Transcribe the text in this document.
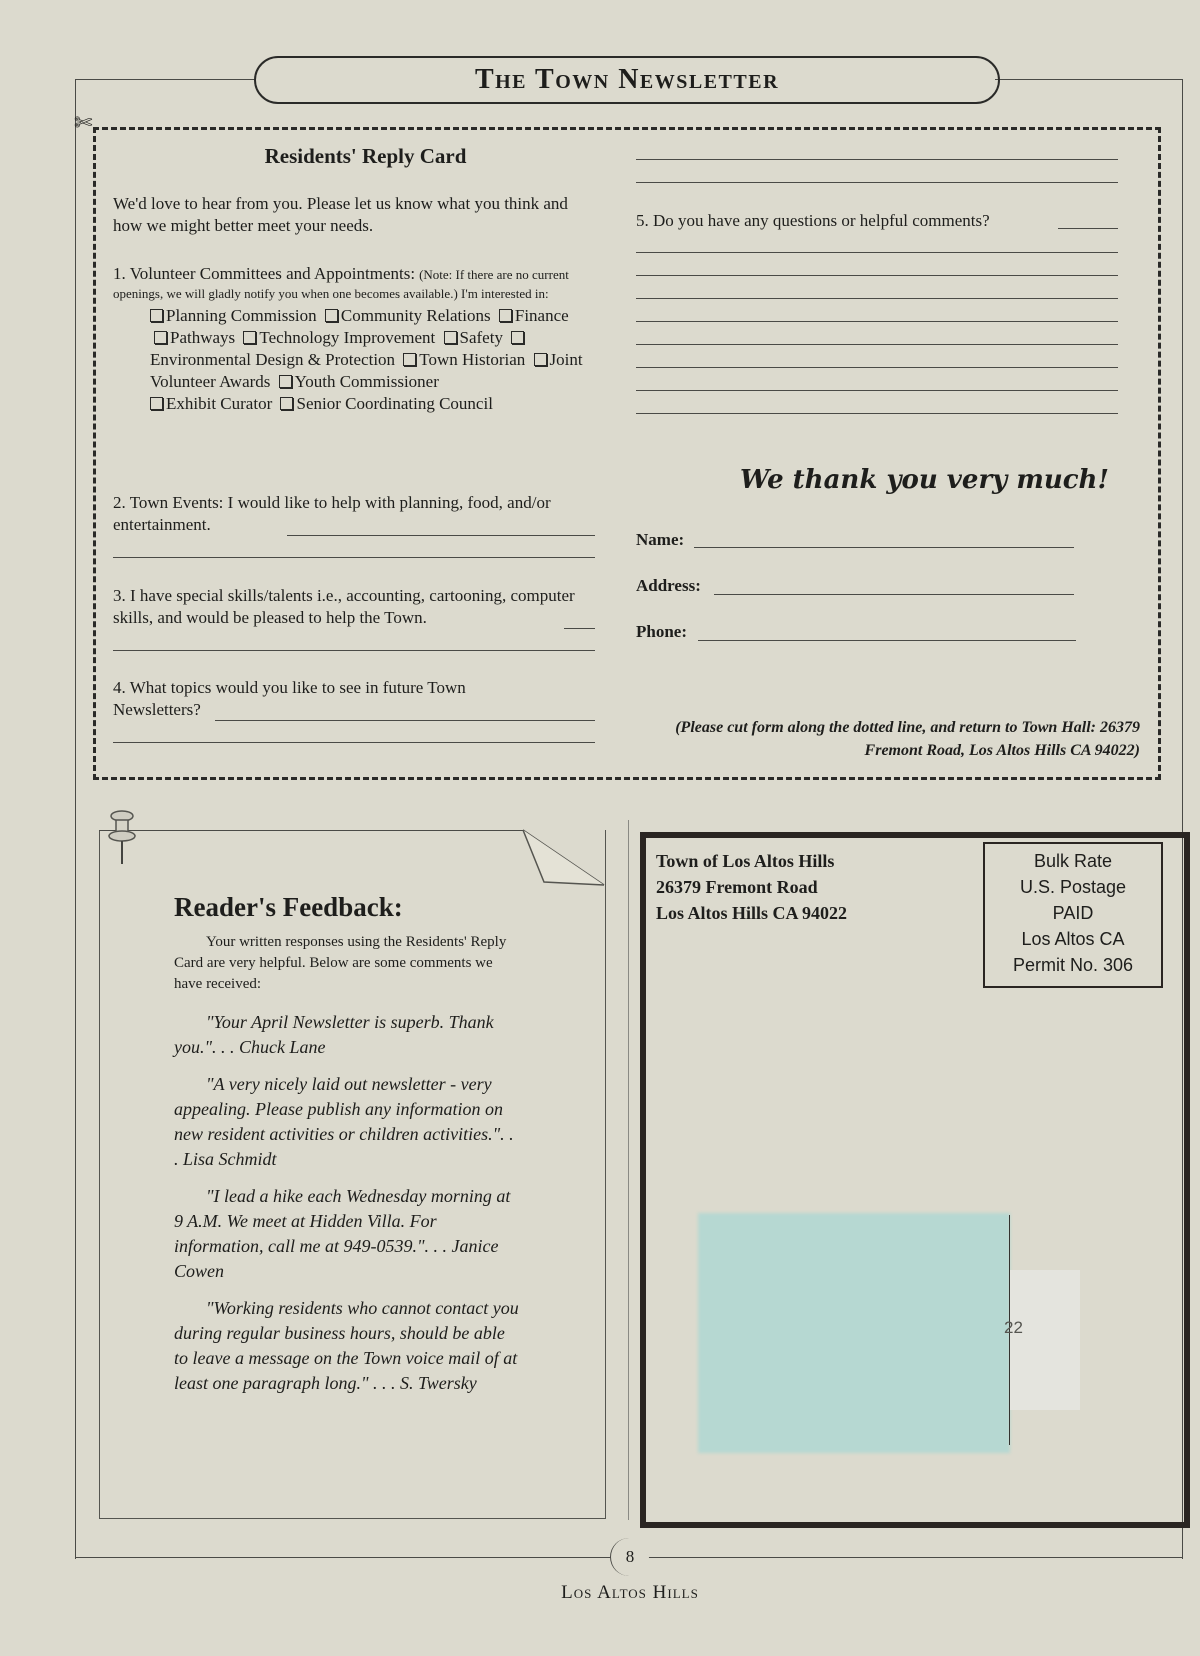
The Town Newsletter
✄
Residents' Reply Card
We'd love to hear from you. Please let us know what you think and how we might better meet your needs.
1. Volunteer Committees and Appointments: (Note: If there are no current openings, we will gladly notify you when one becomes available.) I'm interested in:
Planning Commission Community Relations Finance Pathways Technology Improvement Safety Environmental Design & Protection Town Historian Joint Volunteer Awards Youth Commissioner
Exhibit Curator Senior Coordinating Council
2. Town Events: I would like to help with planning, food, and/or entertainment.
3. I have special skills/talents i.e., accounting, cartooning, computer skills, and would be pleased to help the Town.
4. What topics would you like to see in future Town Newsletters?
5. Do you have any questions or helpful comments?
We thank you very much!
Name:
Address:
Phone:
(Please cut form along the dotted line, and return to Town Hall: 26379 Fremont Road, Los Altos Hills CA 94022)
Reader's Feedback:
Your written responses using the Residents' Reply Card are very helpful. Below are some comments we have received:

"Your April Newsletter is superb. Thank you.". . . Chuck Lane

"A very nicely laid out newsletter - very appealing. Please publish any information on new resident activities or children activities.". . . Lisa Schmidt

"I lead a hike each Wednesday morning at 9 A.M. We meet at Hidden Villa. For information, call me at 949-0539.". . . Janice Cowen

"Working residents who cannot contact you during regular business hours, should be able to leave a message on the Town voice mail of at least one paragraph long." . . . S. Twersky

Town of Los Altos Hills
26379 Fremont Road
Los Altos Hills CA 94022
Bulk Rate
U.S. Postage
PAID
Los Altos CA
Permit No. 306
22
8
Los Altos Hills
